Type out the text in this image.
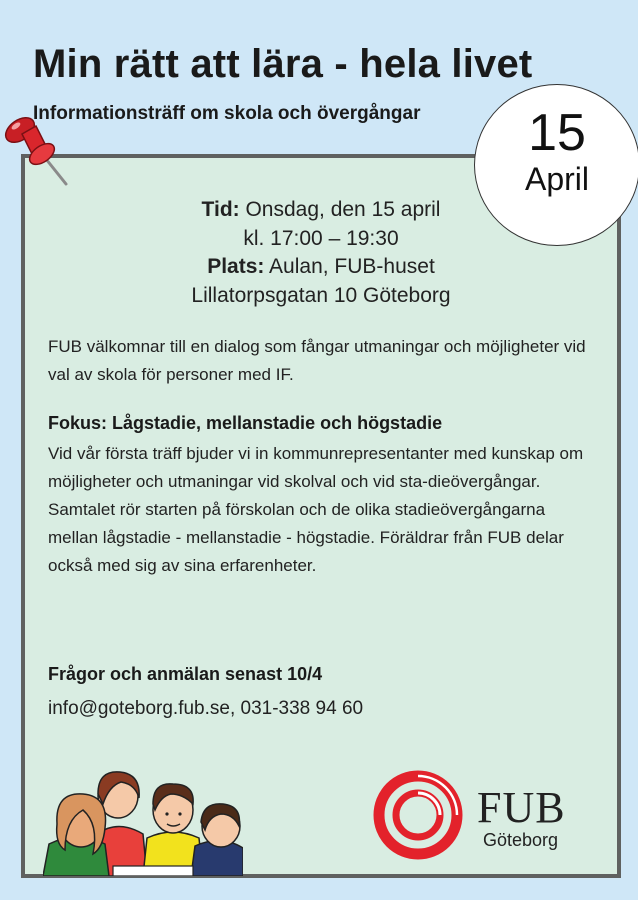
Min rätt att lära - hela livet
Informationsträff om skola och övergångar
Tid: Onsdag, den 15 april
kl. 17:00 – 19:30
Plats: Aulan, FUB-huset
Lillatorpsgatan 10 Göteborg

FUB välkomnar till en dialog som fångar utmaningar och möjligheter vid val av skola för personer med IF.

Fokus: Lågstadie, mellanstadie och högstadie

Vid vår första träff bjuder vi in kommunrepresentanter med kunskap om möjligheter och utmaningar vid skolval och vid sta-dieövergångar. Samtalet rör starten på förskolan och de olika stadieövergångarna mellan lågstadie - mellanstadie - högstadie. Föräldrar från FUB delar också med sig av sina erfarenheter.

Frågor och anmälan senast 10/4
info@goteborg.fub.se, 031-338 94 60
FUB
Göteborg
15
April
